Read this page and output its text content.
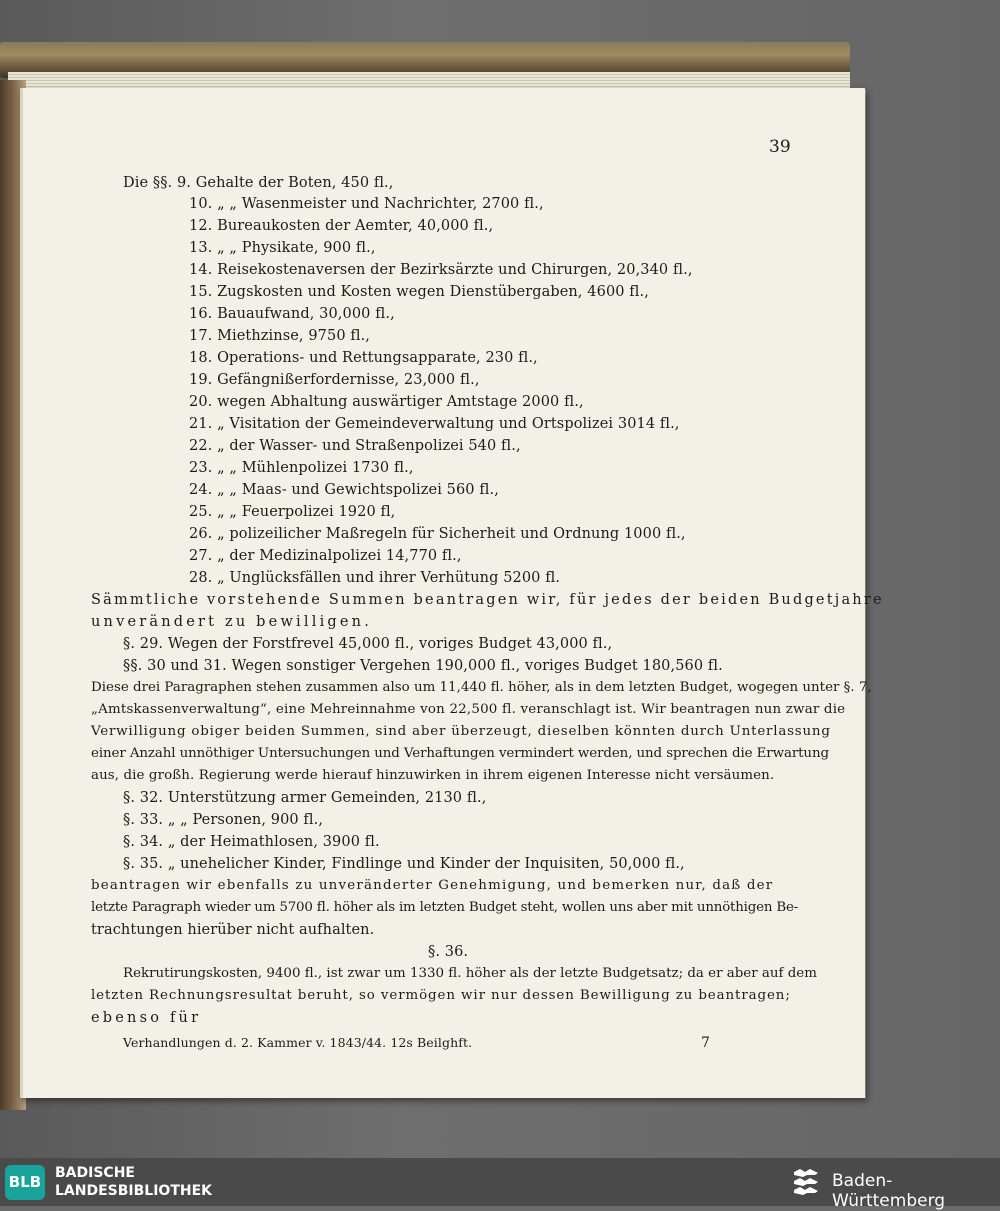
39
Die §§. 9. Gehalte der Boten, 450 fl.,
10. „ „ Wasenmeister und Nachrichter, 2700 fl.,
12. Bureaukosten der Aemter, 40,000 fl.,
13. „ „ Physikate, 900 fl.,
14. Reisekostenaversen der Bezirksärzte und Chirurgen, 20,340 fl.,
15. Zugskosten und Kosten wegen Dienstübergaben, 4600 fl.,
16. Bauaufwand, 30,000 fl.,
17. Miethzinse, 9750 fl.,
18. Operations- und Rettungsapparate, 230 fl.,
19. Gefängnißerfordernisse, 23,000 fl.,
20. wegen Abhaltung auswärtiger Amtstage 2000 fl.,
21. „ Visitation der Gemeindeverwaltung und Ortspolizei 3014 fl.,
22. „ der Wasser- und Straßenpolizei 540 fl.,
23. „ „ Mühlenpolizei 1730 fl.,
24. „ „ Maas- und Gewichtspolizei 560 fl.,
25. „ „ Feuerpolizei 1920 fl,
26. „ polizeilicher Maßregeln für Sicherheit und Ordnung 1000 fl.,
27. „ der Medizinalpolizei 14,770 fl.,
28. „ Unglücksfällen und ihrer Verhütung 5200 fl.
Sämmtliche vorstehende Summen beantragen wir, für jedes der beiden Budgetjahre
unverändert zu bewilligen.
§. 29. Wegen der Forstfrevel 45,000 fl., voriges Budget 43,000 fl.,
§§. 30 und 31. Wegen sonstiger Vergehen 190,000 fl., voriges Budget 180,560 fl.
Diese drei Paragraphen stehen zusammen also um 11,440 fl. höher, als in dem letzten Budget, wogegen unter §. 7,
„Amtskassenverwaltung“, eine Mehreinnahme von 22,500 fl. veranschlagt ist. Wir beantragen nun zwar die
Verwilligung obiger beiden Summen, sind aber überzeugt, dieselben könnten durch Unterlassung
einer Anzahl unnöthiger Untersuchungen und Verhaftungen vermindert werden, und sprechen die Erwartung
aus, die großh. Regierung werde hierauf hinzuwirken in ihrem eigenen Interesse nicht versäumen.
§. 32. Unterstützung armer Gemeinden, 2130 fl.,
§. 33. „ „ Personen, 900 fl.,
§. 34. „ der Heimathlosen, 3900 fl.
§. 35. „ unehelicher Kinder, Findlinge und Kinder der Inquisiten, 50,000 fl.,
beantragen wir ebenfalls zu unveränderter Genehmigung, und bemerken nur, daß der
letzte Paragraph wieder um 5700 fl. höher als im letzten Budget steht, wollen uns aber mit unnöthigen Be-
trachtungen hierüber nicht aufhalten.
§. 36.
Rekrutirungskosten, 9400 fl., ist zwar um 1330 fl. höher als der letzte Budgetsatz; da er aber auf dem
letzten Rechnungsresultat beruht, so vermögen wir nur dessen Bewilligung zu beantragen;
ebenso für
Verhandlungen d. 2. Kammer v. 1843/44. 12s Beilghft.	7
BLB BADISCHE
LANDESBIBLIOTHEK	Baden-Württemberg
